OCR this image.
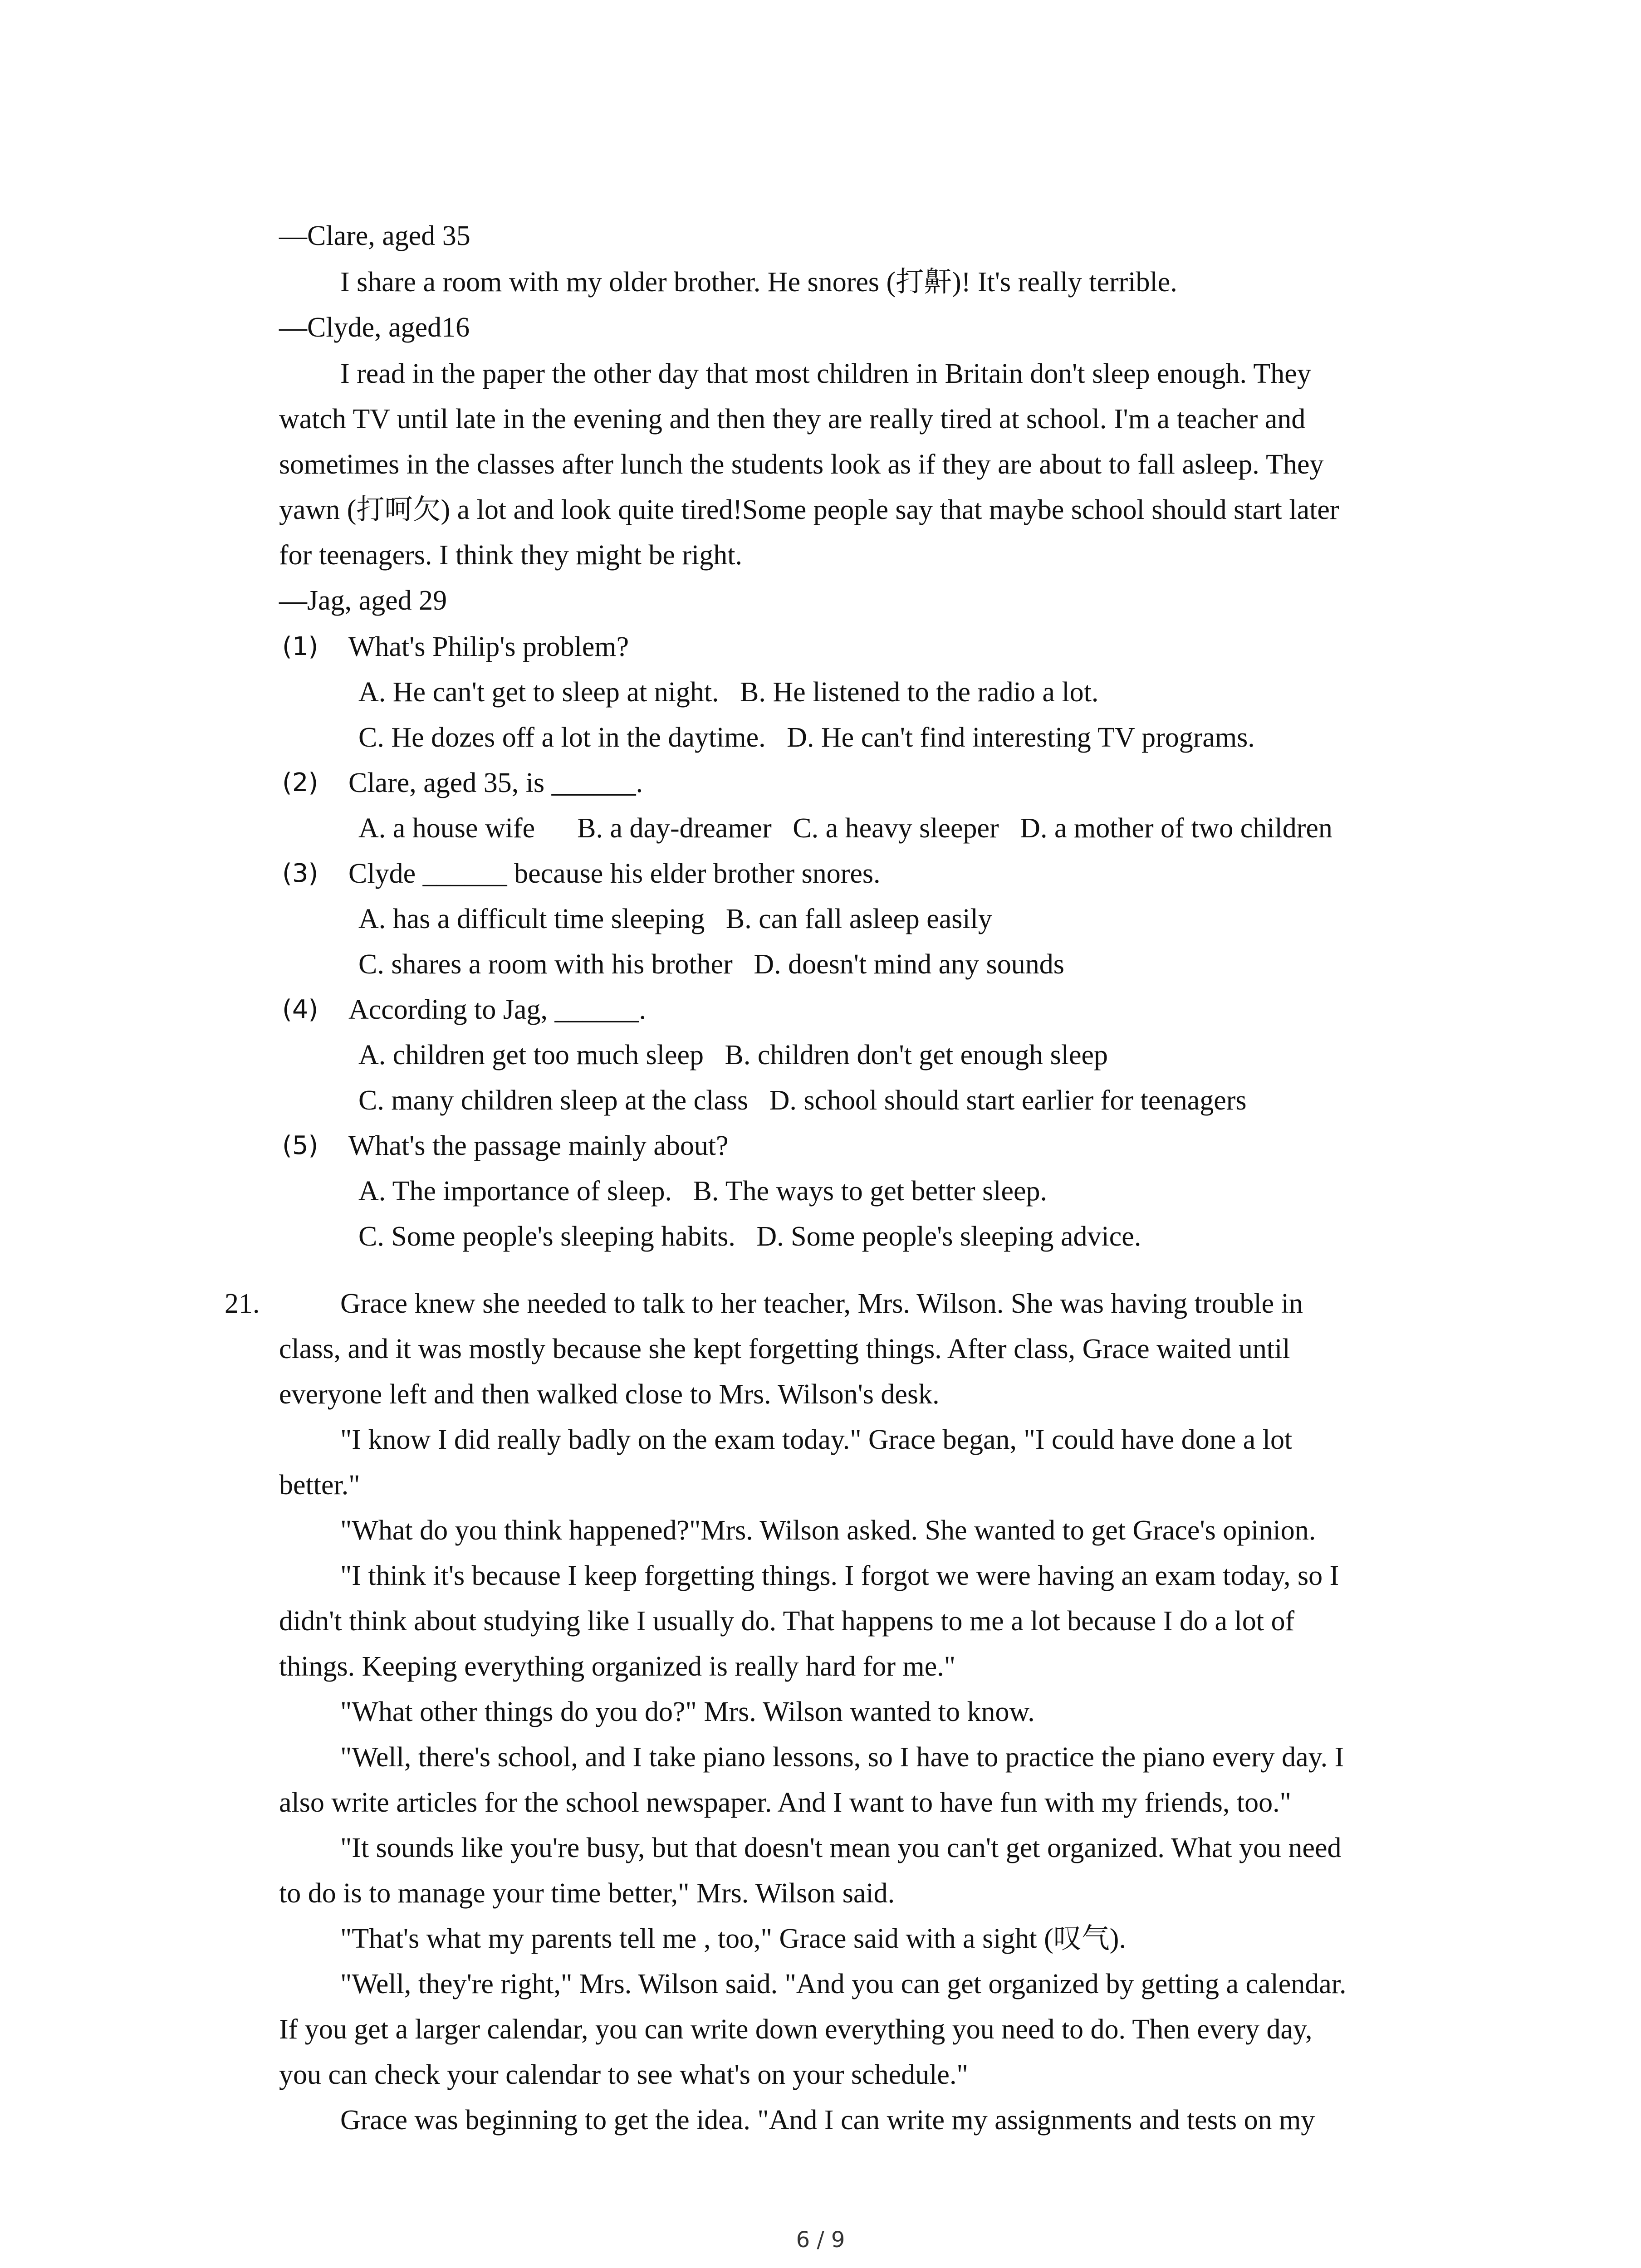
—Clare, aged 35
I share a room with my older brother. He snores (打鼾)! It's really terrible.
—Clyde, aged16
I read in the paper the other day that most children in Britain don't sleep enough. They
watch TV until late in the evening and then they are really tired at school. I'm a teacher and
sometimes in the classes after lunch the students look as if they are about to fall asleep. They
yawn (打呵欠) a lot and look quite tired!Some people say that maybe school should start later
for teenagers. I think they might be right.
—Jag, aged 29
(1) What's Philip's problem?
A. He can't get to sleep at night.   B. He listened to the radio a lot.
C. He dozes off a lot in the daytime.   D. He can't find interesting TV programs.
(2) Clare, aged 35, is ______.
A. a house wife      B. a day-dreamer   C. a heavy sleeper   D. a mother of two children
(3) Clyde ______ because his elder brother snores.
A. has a difficult time sleeping   B. can fall asleep easily
C. shares a room with his brother   D. doesn't mind any sounds
(4) According to Jag, ______.
A. children get too much sleep   B. children don't get enough sleep
C. many children sleep at the class   D. school should start earlier for teenagers
(5) What's the passage mainly about?
A. The importance of sleep.   B. The ways to get better sleep.
C. Some people's sleeping habits.   D. Some people's sleeping advice.
21.	Grace knew she needed to talk to her teacher, Mrs. Wilson. She was having trouble in
class, and it was mostly because she kept forgetting things. After class, Grace waited until
everyone left and then walked close to Mrs. Wilson's desk.
"I know I did really badly on the exam today." Grace began, "I could have done a lot
better."
"What do you think happened?"Mrs. Wilson asked. She wanted to get Grace's opinion.
"I think it's because I keep forgetting things. I forgot we were having an exam today, so I
didn't think about studying like I usually do. That happens to me a lot because I do a lot of
things. Keeping everything organized is really hard for me."
"What other things do you do?" Mrs. Wilson wanted to know.
"Well, there's school, and I take piano lessons, so I have to practice the piano every day. I
also write articles for the school newspaper. And I want to have fun with my friends, too."
"It sounds like you're busy, but that doesn't mean you can't get organized. What you need
to do is to manage your time better," Mrs. Wilson said.
"That's what my parents tell me , too," Grace said with a sight (叹气).
"Well, they're right," Mrs. Wilson said. "And you can get organized by getting a calendar.
If you get a larger calendar, you can write down everything you need to do. Then every day,
you can check your calendar to see what's on your schedule."
Grace was beginning to get the idea. "And I can write my assignments and tests on my
6 / 9
